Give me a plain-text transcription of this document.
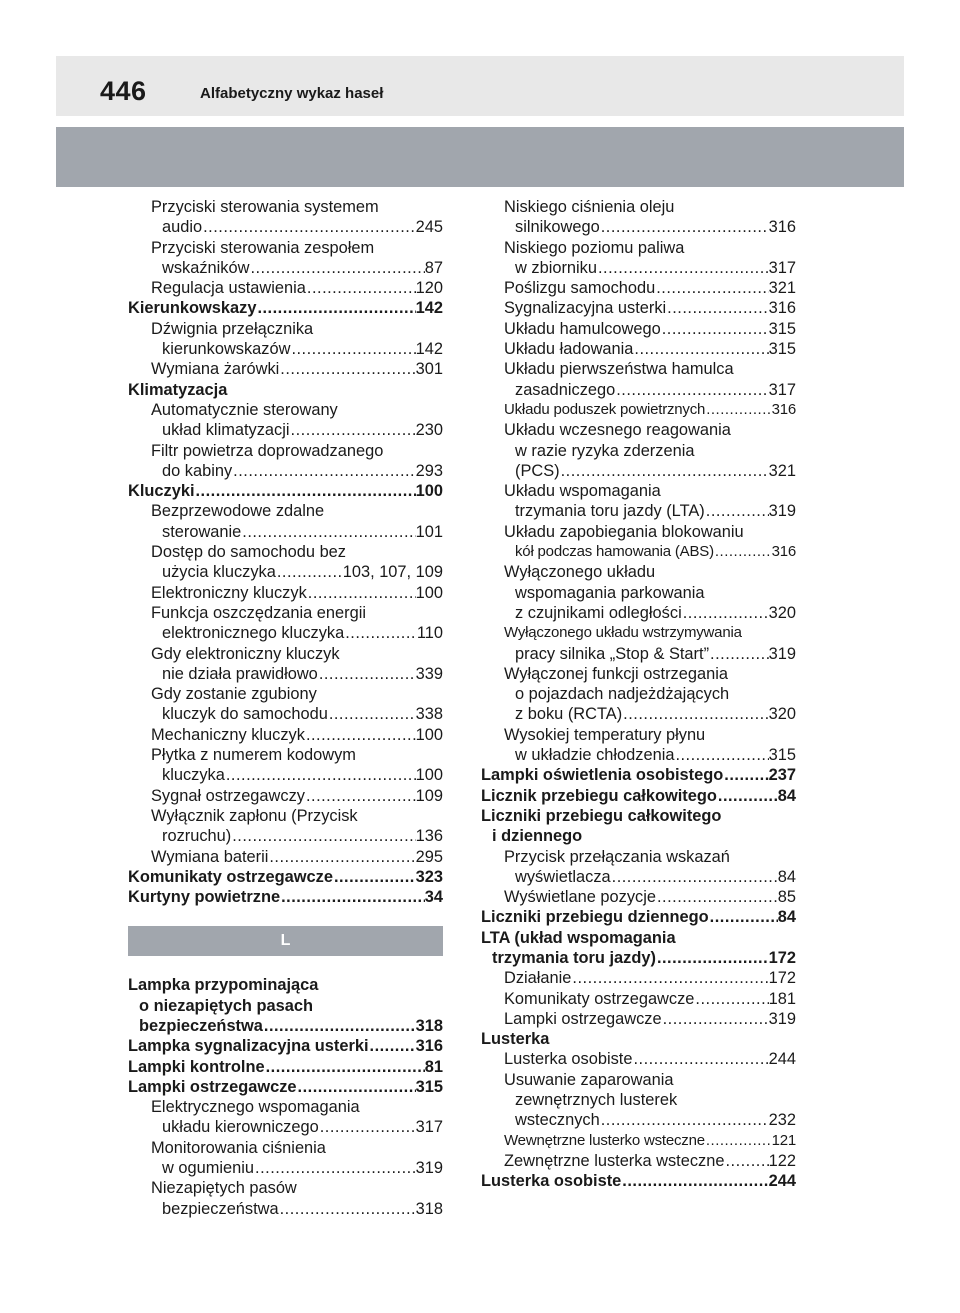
446	Alfabetyczny wykaz haseł
Przyciski sterowania systemem
audio .....	245
Przyciski sterowania zespołem
wskaźników .....	87
Regulacja ustawienia .....	120
Kierunkowskazy .....	142
Dźwignia przełącznika
kierunkowskazów .....	142
Wymiana żarówki .....	301
Klimatyzacja
Automatycznie sterowany
układ klimatyzacji .....	230
Filtr powietrza doprowadzanego
do kabiny .....	293
Kluczyki .....	100
Bezprzewodowe zdalne
sterowanie .....	101
Dostęp do samochodu bez
użycia kluczyka .....	103, 107, 109
Elektroniczny kluczyk .....	100
Funkcja oszczędzania energii
elektronicznego kluczyka .....	110
Gdy elektroniczny kluczyk
nie działa prawidłowo .....	339
Gdy zostanie zgubiony
kluczyk do samochodu .....	338
Mechaniczny kluczyk .....	100
Płytka z numerem kodowym
kluczyka .....	100
Sygnał ostrzegawczy .....	109
Wyłącznik zapłonu (Przycisk
rozruchu) .....	136
Wymiana baterii .....	295
Komunikaty ostrzegawcze .....	323
Kurtyny powietrzne .....	34
L
Lampka przypominająca
o niezapiętych pasach
bezpieczeństwa .....	318
Lampka sygnalizacyjna usterki .....	316
Lampki kontrolne .....	81
Lampki ostrzegawcze .....	315
Elektrycznego wspomagania
układu kierowniczego .....	317
Monitorowania ciśnienia
w ogumieniu .....	319
Niezapiętych pasów
bezpieczeństwa .....	318
Niskiego ciśnienia oleju
silnikowego .....	316
Niskiego poziomu paliwa
w zbiorniku .....	317
Poślizgu samochodu .....	321
Sygnalizacyjna usterki .....	316
Układu hamulcowego .....	315
Układu ładowania .....	315
Układu pierwszeństwa hamulca
zasadniczego .....	317
Układu poduszek powietrznych .....	316
Układu wczesnego reagowania
w razie ryzyka zderzenia
(PCS) .....	321
Układu wspomagania
trzymania toru jazdy (LTA) .....	319
Układu zapobiegania blokowaniu
kół podczas hamowania (ABS) .....	316
Wyłączonego układu
wspomagania parkowania
z czujnikami odległości .....	320
Wyłączonego układu wstrzymywania
pracy silnika „Stop & Start” .....	319
Wyłączonej funkcji ostrzegania
o pojazdach nadjeżdżających
z boku (RCTA) .....	320
Wysokiej temperatury płynu
w układzie chłodzenia .....	315
Lampki oświetlenia osobistego .....	237
Licznik przebiegu całkowitego .....	84
Liczniki przebiegu całkowitego
i dziennego
Przycisk przełączania wskazań
wyświetlacza .....	84
Wyświetlane pozycje .....	85
Liczniki przebiegu dziennego .....	84
LTA (układ wspomagania
trzymania toru jazdy) .....	172
Działanie .....	172
Komunikaty ostrzegawcze .....	181
Lampki ostrzegawcze .....	319
Lusterka
Lusterka osobiste .....	244
Usuwanie zaparowania
zewnętrznych lusterek
wstecznych .....	232
Wewnętrzne lusterko wsteczne .....	121
Zewnętrzne lusterka wsteczne .....	122
Lusterka osobiste .....	244
